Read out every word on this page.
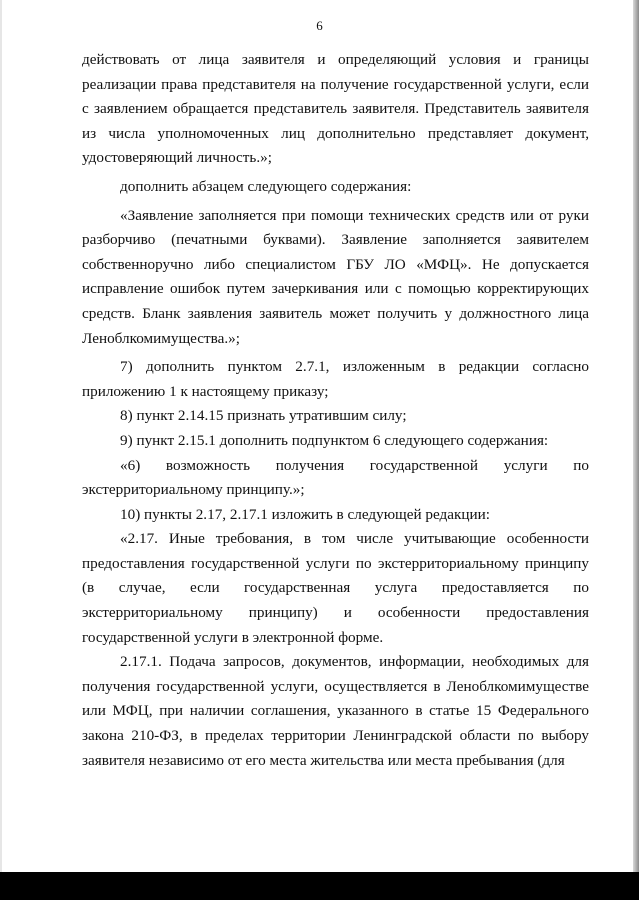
6

действовать от лица заявителя и определяющий условия и границы реализации права представителя на получение государственной услуги, если с заявлением обращается представитель заявителя. Представитель заявителя из числа уполномоченных лиц дополнительно представляет документ, удостоверяющий личность.»;

дополнить абзацем следующего содержания:

«Заявление заполняется при помощи технических средств или от руки разборчиво (печатными буквами). Заявление заполняется заявителем собственноручно либо специалистом ГБУ ЛО «МФЦ». Не допускается исправление ошибок путем зачеркивания или с помощью корректирующих средств. Бланк заявления заявитель может получить у должностного лица Леноблкомимущества.»;

7) дополнить пунктом 2.7.1, изложенным в редакции согласно приложению 1 к настоящему приказу;

8) пункт 2.14.15 признать утратившим силу;

9) пункт 2.15.1 дополнить подпунктом 6 следующего содержания:

«6) возможность получения государственной услуги по экстерриториальному принципу.»;

10) пункты 2.17, 2.17.1 изложить в следующей редакции:

«2.17. Иные требования, в том числе учитывающие особенности предоставления государственной услуги по экстерриториальному принципу (в случае, если государственная услуга предоставляется по экстерриториальному принципу) и особенности предоставления государственной услуги в электронной форме.

2.17.1. Подача запросов, документов, информации, необходимых для получения государственной услуги, осуществляется в Леноблкомимуществе или МФЦ, при наличии соглашения, указанного в статье 15 Федерального закона 210-ФЗ, в пределах территории Ленинградской области по выбору заявителя независимо от его места жительства или места пребывания (для
